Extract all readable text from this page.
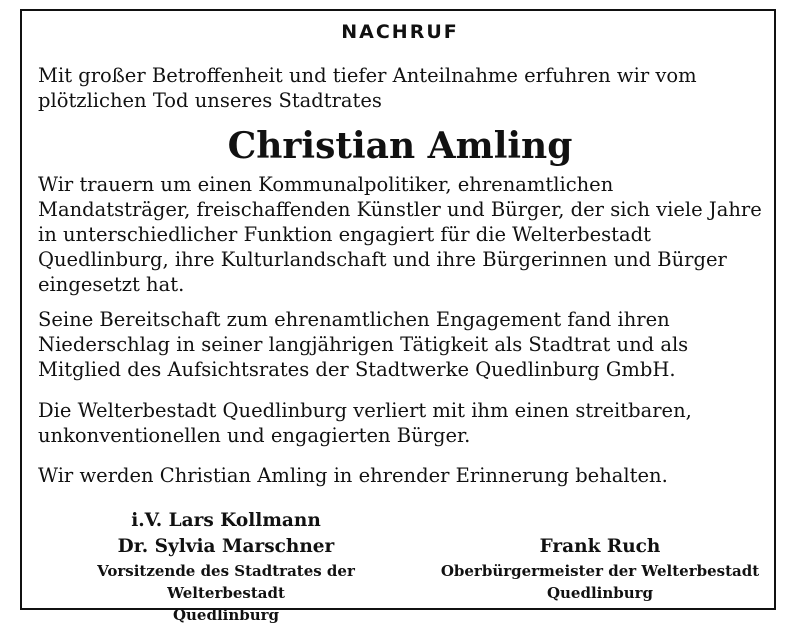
NACHRUF

Mit großer Betroffenheit und tiefer Anteilnahme erfuhren wir vom plötzlichen Tod unseres Stadtrates

Christian Amling

Wir trauern um einen Kommunalpolitiker, ehrenamtlichen Mandatsträger, freischaffenden Künstler und Bürger, der sich viele Jahre in unterschiedlicher Funktion engagiert für die Welterbestadt Quedlinburg, ihre Kulturlandschaft und ihre Bürgerinnen und Bürger eingesetzt hat.

Seine Bereitschaft zum ehrenamtlichen Engagement fand ihren Niederschlag in seiner langjährigen Tätigkeit als Stadtrat und als Mitglied des Aufsichtsrates der Stadtwerke Quedlinburg GmbH.

Die Welterbestadt Quedlinburg verliert mit ihm einen streitbaren, unkonventionellen und engagierten Bürger.

Wir werden Christian Amling in ehrender Erinnerung behalten.

i.V. Lars Kollmann
Dr. Sylvia Marschner
Vorsitzende des Stadtrates der Welterbestadt
Quedlinburg
Frank Ruch
Oberbürgermeister der Welterbestadt
Quedlinburg
